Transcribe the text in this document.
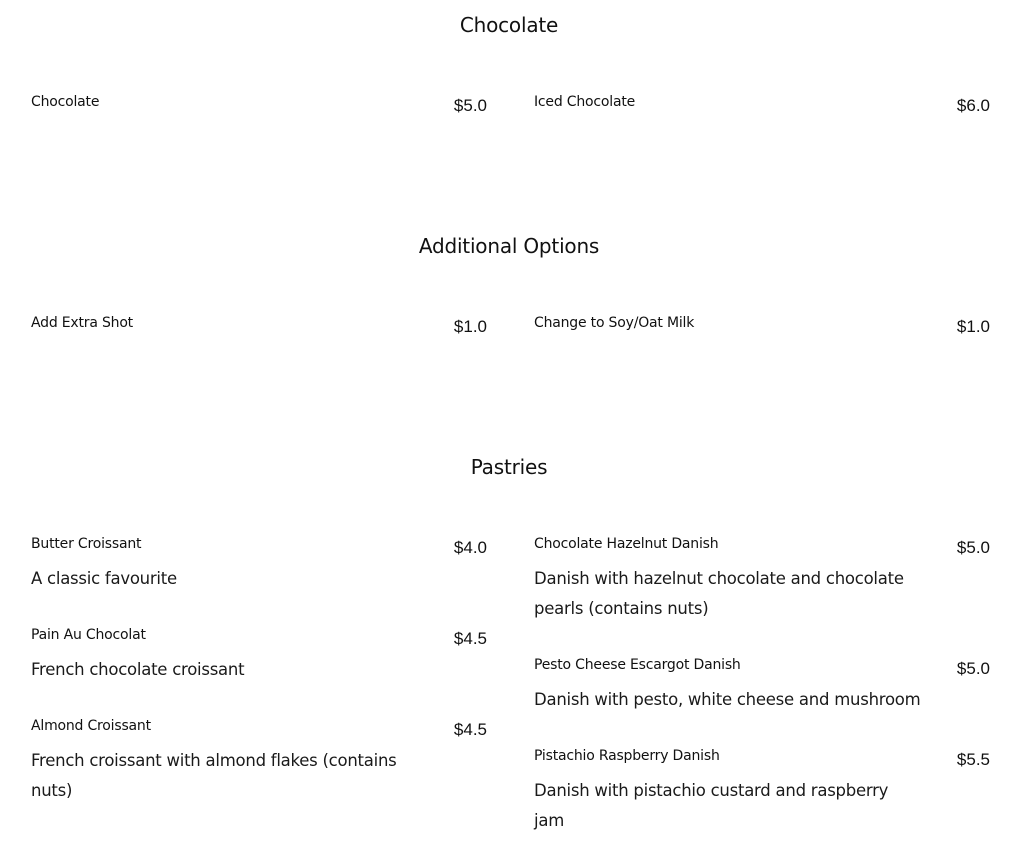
Chocolate
Chocolate	$5.0	Iced Chocolate	$6.0
Additional Options
Add Extra Shot	$1.0	Change to Soy/Oat Milk	$1.0
Pastries
Butter Croissant	$4.0
A classic favourite
Pain Au Chocolat	$4.5
French chocolate croissant
Almond Croissant	$4.5
French croissant with almond flakes (contains nuts)
Chocolate Hazelnut Danish	$5.0
Danish with hazelnut chocolate and chocolate pearls (contains nuts)
Pesto Cheese Escargot Danish	$5.0
Danish with pesto, white cheese and mushroom
Pistachio Raspberry Danish	$5.5
Danish with pistachio custard and raspberry jam
